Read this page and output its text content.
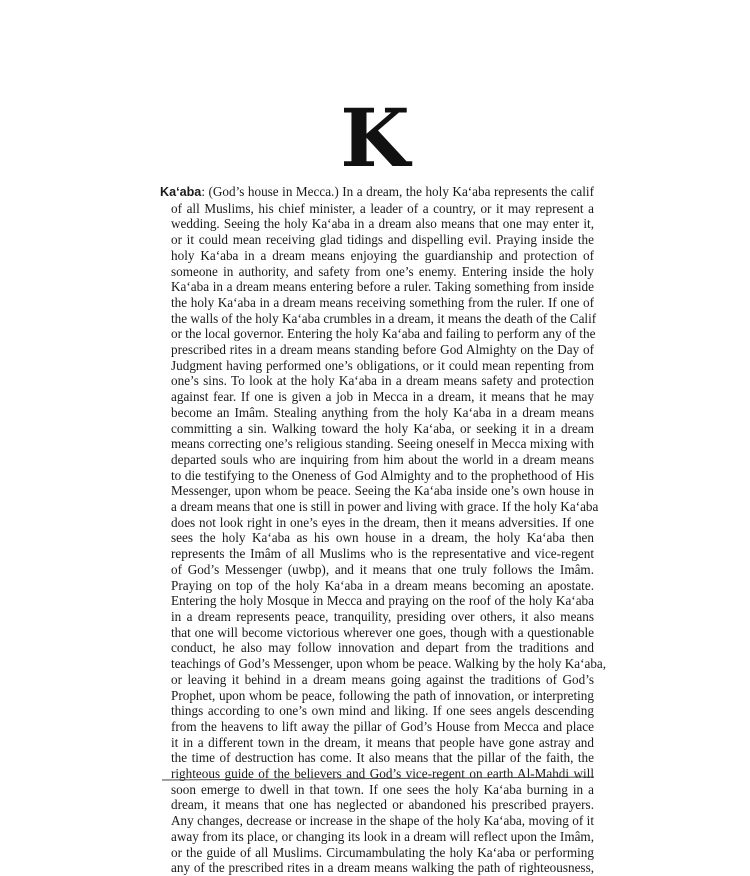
K
Ka‘aba: (God’s house in Mecca.) In a dream, the holy Ka‘aba represents the calif
of all Muslims, his chief minister, a leader of a country, or it may represent a
wedding. Seeing the holy Ka‘aba in a dream also means that one may enter it,
or it could mean receiving glad tidings and dispelling evil. Praying inside the
holy Ka‘aba in a dream means enjoying the guardianship and protection of
someone in authority, and safety from one’s enemy. Entering inside the holy
Ka‘aba in a dream means entering before a ruler. Taking something from inside
the holy Ka‘aba in a dream means receiving something from the ruler. If one of
the walls of the holy Ka‘aba crumbles in a dream, it means the death of the Calif
or the local governor. Entering the holy Ka‘aba and failing to perform any of the
prescribed rites in a dream means standing before God Almighty on the Day of
Judgment having performed one’s obligations, or it could mean repenting from
one’s sins. To look at the holy Ka‘aba in a dream means safety and protection
against fear. If one is given a job in Mecca in a dream, it means that he may
become an Imâm. Stealing anything from the holy Ka‘aba in a dream means
committing a sin. Walking toward the holy Ka‘aba, or seeking it in a dream
means correcting one’s religious standing. Seeing oneself in Mecca mixing with
departed souls who are inquiring from him about the world in a dream means
to die testifying to the Oneness of God Almighty and to the prophethood of His
Messenger, upon whom be peace. Seeing the Ka‘aba inside one’s own house in
a dream means that one is still in power and living with grace. If the holy Ka‘aba
does not look right in one’s eyes in the dream, then it means adversities. If one
sees the holy Ka‘aba as his own house in a dream, the holy Ka‘aba then
represents the Imâm of all Muslims who is the representative and vice-regent
of God’s Messenger (uwbp), and it means that one truly follows the Imâm.
Praying on top of the holy Ka‘aba in a dream means becoming an apostate.
Entering the holy Mosque in Mecca and praying on the roof of the holy Ka‘aba
in a dream represents peace, tranquility, presiding over others, it also means
that one will become victorious wherever one goes, though with a questionable
conduct, he also may follow innovation and depart from the traditions and
teachings of God’s Messenger, upon whom be peace. Walking by the holy Ka‘aba,
or leaving it behind in a dream means going against the traditions of God’s
Prophet, upon whom be peace, following the path of innovation, or interpreting
things according to one’s own mind and liking. If one sees angels descending
from the heavens to lift away the pillar of God’s House from Mecca and place
it in a different town in the dream, it means that people have gone astray and
the time of destruction has come. It also means that the pillar of the faith, the
righteous guide of the believers and God’s vice-regent on earth Al-Mahdi will
soon emerge to dwell in that town. If one sees the holy Ka‘aba burning in a
dream, it means that one has neglected or abandoned his prescribed prayers.
Any changes, decrease or increase in the shape of the holy Ka‘aba, moving of it
away from its place, or changing its look in a dream will reflect upon the Imâm,
or the guide of all Muslims. Circumambulating the holy Ka‘aba or performing
any of the prescribed rites in a dream means walking the path of righteousness,
